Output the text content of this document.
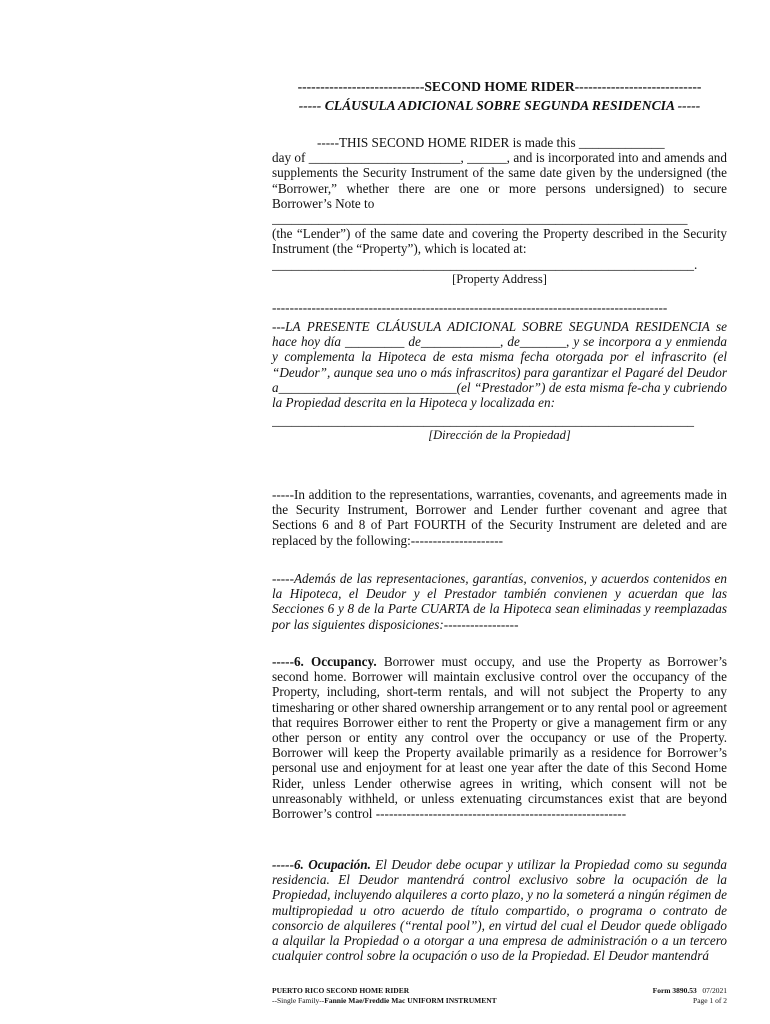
----------------------------SECOND HOME RIDER----------------------------
----- CLÁUSULA ADICIONAL SOBRE SEGUNDA RESIDENCIA -----
-----THIS SECOND HOME RIDER is made this _____________
day of _______________________, ______, and is incorporated into and amends and supplements the Security Instrument of the same date given by the undersigned (the “Borrower,” whether there are one or more persons undersigned) to secure Borrower’s Note to
_______________________________________________________________
(the “Lender”) of the same date and covering the Property described in the Security Instrument (the “Property”), which is located at:
________________________________________________________________.
[Property Address]
------------------------------------------------------------------------------------------
---LA PRESENTE CLÁUSULA ADICIONAL SOBRE SEGUNDA RESIDENCIA se hace hoy día _________ de____________, de_______, y se incorpora a y enmienda y complementa la Hipoteca de esta misma fecha otorgada por el infrascrito (el “Deudor”, aunque sea uno o más infrascritos) para garantizar el Pagaré del Deudor a___________________________(el “Prestador”) de esta misma fe-cha y cubriendo la Propiedad descrita en la Hipoteca y localizada en:
________________________________________________________________
[Dirección de la Propiedad]
-----In addition to the representations, warranties, covenants, and agreements made in the Security Instrument, Borrower and Lender further covenant and agree that Sections 6 and 8 of Part FOURTH of the Security Instrument are deleted and are replaced by the following:---------------------
-----Además de las representaciones, garantías, convenios, y acuerdos contenidos en la Hipoteca, el Deudor y el Prestador también convienen y acuerdan que las Secciones 6 y 8 de la Parte CUARTA de la Hipoteca sean eliminadas y reemplazadas por las siguientes disposiciones:-----------------
-----6. Occupancy. Borrower must occupy, and use the Property as Borrower’s second home. Borrower will maintain exclusive control over the occupancy of the Property, including, short-term rentals, and will not subject the Property to any timesharing or other shared ownership arrangement or to any rental pool or agreement that requires Borrower either to rent the Property or give a management firm or any other person or entity any control over the occupancy or use of the Property. Borrower will keep the Property available primarily as a residence for Borrower’s personal use and enjoyment for at least one year after the date of this Second Home Rider, unless Lender otherwise agrees in writing, which consent will not be unreasonably withheld, or unless extenuating circumstances exist that are beyond Borrower’s control ---------------------------------------------------------
-----6. Ocupación. El Deudor debe ocupar y utilizar la Propiedad como su segunda residencia. El Deudor mantendrá control exclusivo sobre la ocupación de la Propiedad, incluyendo alquileres a corto plazo, y no la someterá a ningún régimen de multipropiedad u otro acuerdo de título compartido, o programa o contrato de consorcio de alquileres (“rental pool”), en virtud del cual el Deudor quede obligado a alquilar la Propiedad o a otorgar a una empresa de administración o a un tercero cualquier control sobre la ocupación o uso de la Propiedad. El Deudor mantendrá
PUERTO RICO SECOND HOME RIDER	Form 3890.53 07/2021
--Single Family--Fannie Mae/Freddie Mac UNIFORM INSTRUMENT	Page 1 of 2
